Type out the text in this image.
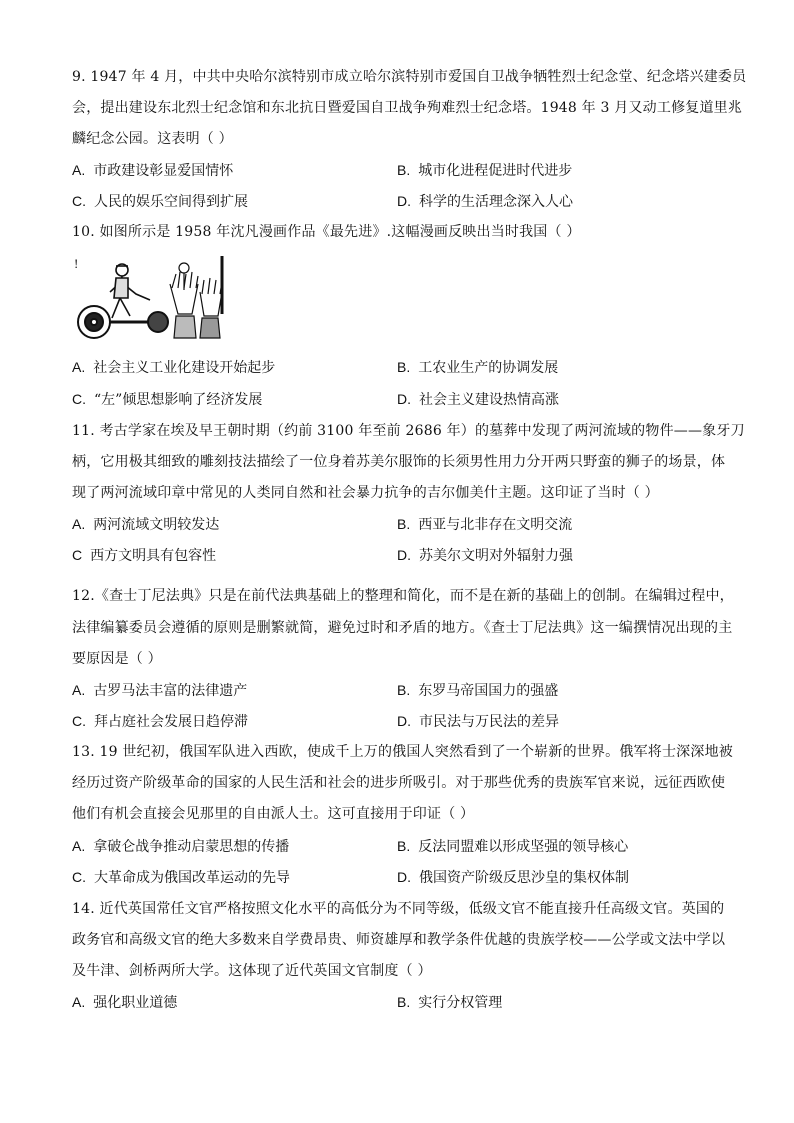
9. 1947 年 4 月，中共中央哈尔滨特别市成立哈尔滨特别市爱国自卫战争牺牲烈士纪念堂、纪念塔兴建委员
会，提出建设东北烈士纪念馆和东北抗日暨爱国自卫战争殉难烈士纪念塔。1948 年 3 月又动工修复道里兆
麟纪念公园。这表明（ ）
A. 市政建设彰显爱国情怀	B. 城市化进程促进时代进步
C. 人民的娱乐空间得到扩展	D. 科学的生活理念深入人心
10. 如图所示是 1958 年沈凡漫画作品《最先进》.这幅漫画反映出当时我国（ ）
!
A. 社会主义工业化建设开始起步	B. 工农业生产的协调发展
C. “左”倾思想影响了经济发展	D. 社会主义建设热情高涨
11. 考古学家在埃及早王朝时期（约前 3100 年至前 2686 年）的墓葬中发现了两河流域的物件——象牙刀
柄，它用极其细致的雕刻技法描绘了一位身着苏美尔服饰的长须男性用力分开两只野蛮的狮子的场景，体
现了两河流域印章中常见的人类同自然和社会暴力抗争的吉尔伽美什主题。这印证了当时（ ）
A. 两河流域文明较发达	B. 西亚与北非存在文明交流
C 西方文明具有包容性	D. 苏美尔文明对外辐射力强
12.《查士丁尼法典》只是在前代法典基础上的整理和简化，而不是在新的基础上的创制。在编辑过程中，
法律编纂委员会遵循的原则是删繁就简，避免过时和矛盾的地方。《查士丁尼法典》这一编撰情况出现的主
要原因是（ ）
A. 古罗马法丰富的法律遗产	B. 东罗马帝国国力的强盛
C. 拜占庭社会发展日趋停滞	D. 市民法与万民法的差异
13. 19 世纪初，俄国军队进入西欧，使成千上万的俄国人突然看到了一个崭新的世界。俄军将士深深地被
经历过资产阶级革命的国家的人民生活和社会的进步所吸引。对于那些优秀的贵族军官来说，远征西欧使
他们有机会直接会见那里的自由派人士。这可直接用于印证（ ）
A. 拿破仑战争推动启蒙思想的传播	B. 反法同盟难以形成坚强的领导核心
C. 大革命成为俄国改革运动的先导	D. 俄国资产阶级反思沙皇的集权体制
14. 近代英国常任文官严格按照文化水平的高低分为不同等级，低级文官不能直接升任高级文官。英国的
政务官和高级文官的绝大多数来自学费昂贵、师资雄厚和教学条件优越的贵族学校——公学或文法中学以
及牛津、剑桥两所大学。这体现了近代英国文官制度（ ）
A. 强化职业道德	B. 实行分权管理
